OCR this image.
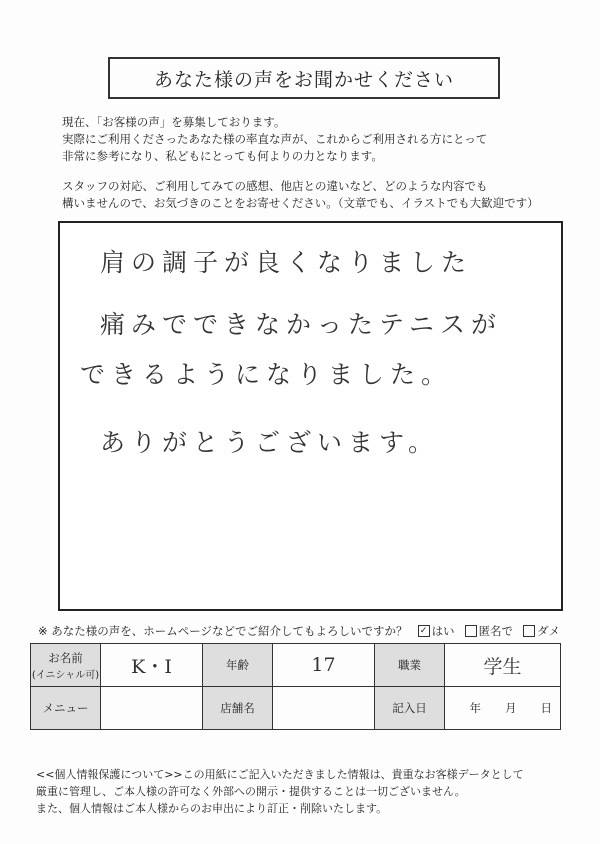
あなた様の声をお聞かせください

現在、「お客様の声」を募集しております。

実際にご利用くださったあなた様の率直な声が、これからご利用される方にとって

非常に参考になり、私どもにとっても何よりの力となります。

スタッフの対応、ご利用してみての感想、他店との違いなど、どのような内容でも

構いませんので、お気づきのことをお寄せください。（文章でも、イラストでも大歓迎です）

肩の調子が良くなりました
痛みでできなかったテニスが
できるようになりました。
ありがとうございます。
※ あなた様の声を、ホームページなどでご紹介してもよろしいですか？ ✓ はい 匿名で ダメ
お名前
(イニシャル可)	K・I	年齢	17	職業	学生
メニュー		店舗名		記入日	年 月 日

<<個人情報保護について>>この用紙にご記入いただきました情報は、貴重なお客様データとして

厳重に管理し、ご本人様の許可なく外部への開示・提供することは一切ございません。

また、個人情報はご本人様からのお申出により訂正・削除いたします。
